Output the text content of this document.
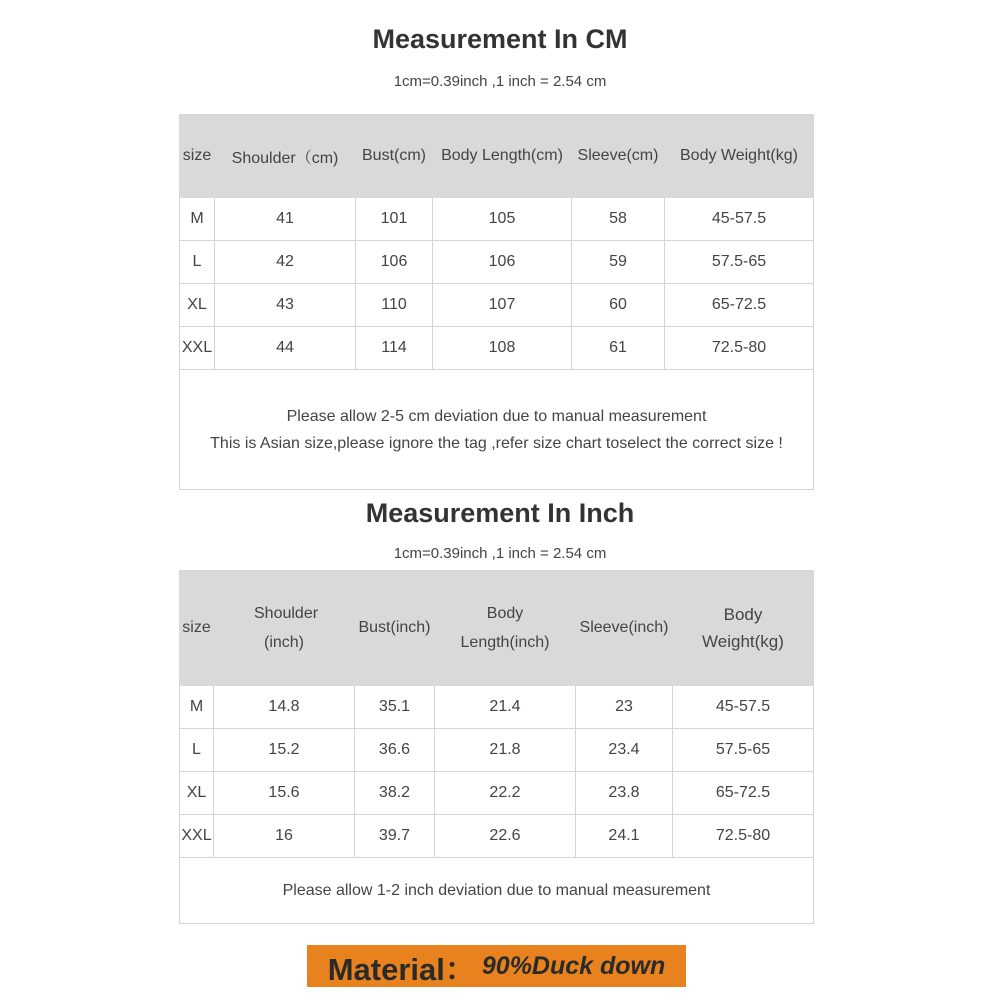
Measurement In CM
1cm=0.39inch ,1 inch = 2.54 cm
size	Shoulder（cm)	Bust(cm)	Body Length(cm)	Sleeve(cm)	Body Weight(kg)
M	41	101	105	58	45-57.5
L	42	106	106	59	57.5-65
XL	43	110	107	60	65-72.5
XXL	44	114	108	61	72.5-80

Please allow 2-5 cm deviation due to manual measurement
This is Asian size,please ignore the tag ,refer size chart toselect the correct size !					
Measurement In Inch
1cm=0.39inch ,1 inch = 2.54 cm
size	Shoulder (inch)	Bust(inch)	Body Length(inch)	Sleeve(inch)	Body Weight(kg)
M	14.8	35.1	21.4	23	45-57.5
L	15.2	36.6	21.8	23.4	57.5-65
XL	15.6	38.2	22.2	23.8	65-72.5
XXL	16	39.7	22.6	24.1	72.5-80
Please allow 1-2 inch deviation due to manual measurement					
Material： 90%Duck down
